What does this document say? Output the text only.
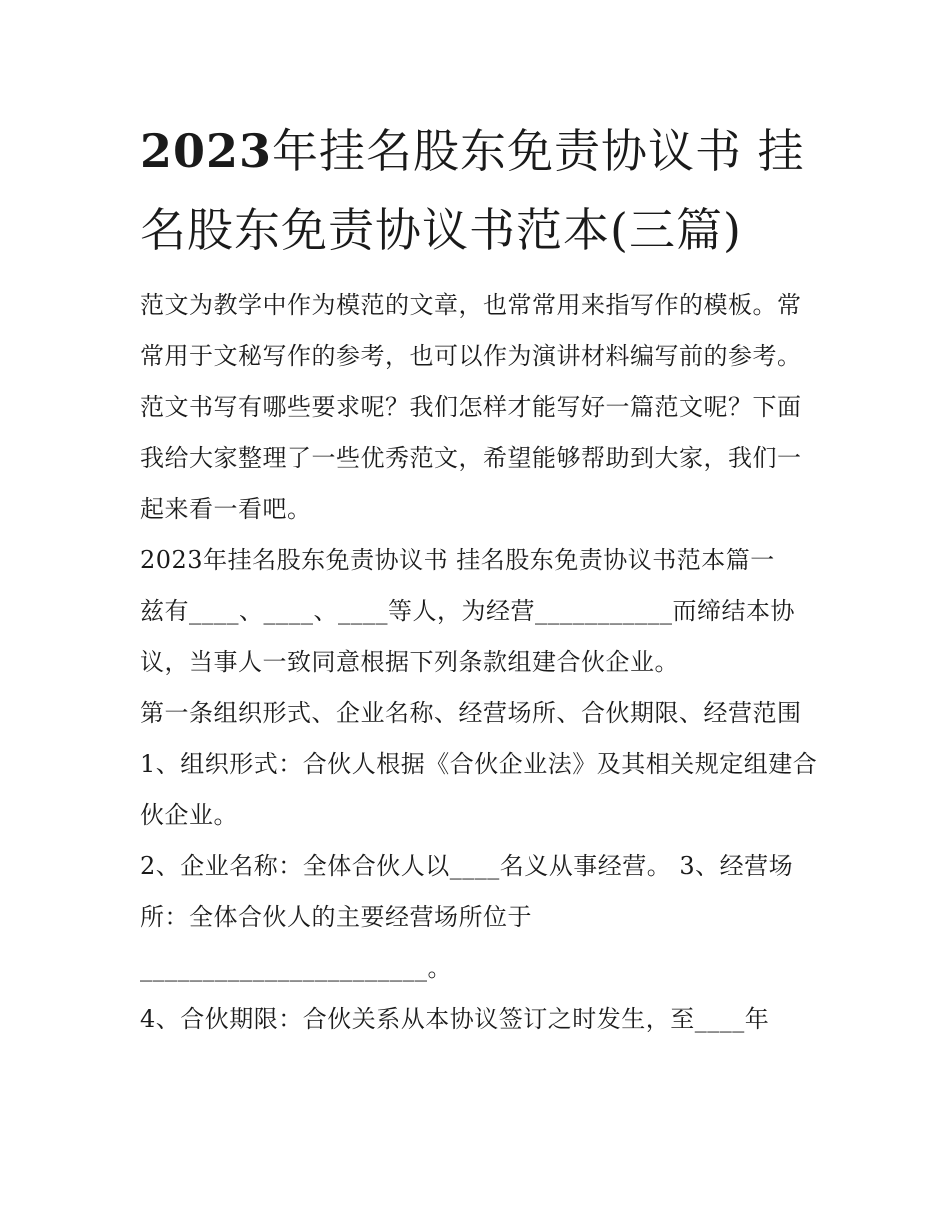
2023年挂名股东免责协议书 挂名股东免责协议书范本(三篇)

范文为教学中作为模范的文章，也常常用来指写作的模板。常常用于文秘写作的参考，也可以作为演讲材料编写前的参考。范文书写有哪些要求呢？我们怎样才能写好一篇范文呢？下面我给大家整理了一些优秀范文，希望能够帮助到大家，我们一起来看一看吧。

2023年挂名股东免责协议书 挂名股东免责协议书范本篇一

兹有____、____、____等人，为经营___________而缔结本协议，当事人一致同意根据下列条款组建合伙企业。

第一条组织形式、企业名称、经营场所、合伙期限、经营范围

1、组织形式：合伙人根据《合伙企业法》及其相关规定组建合伙企业。

2、企业名称：全体合伙人以____名义从事经营。 3、经营场所：全体合伙人的主要经营场所位于

_______________________。

4、合伙期限：合伙关系从本协议签订之时发生，至____年
